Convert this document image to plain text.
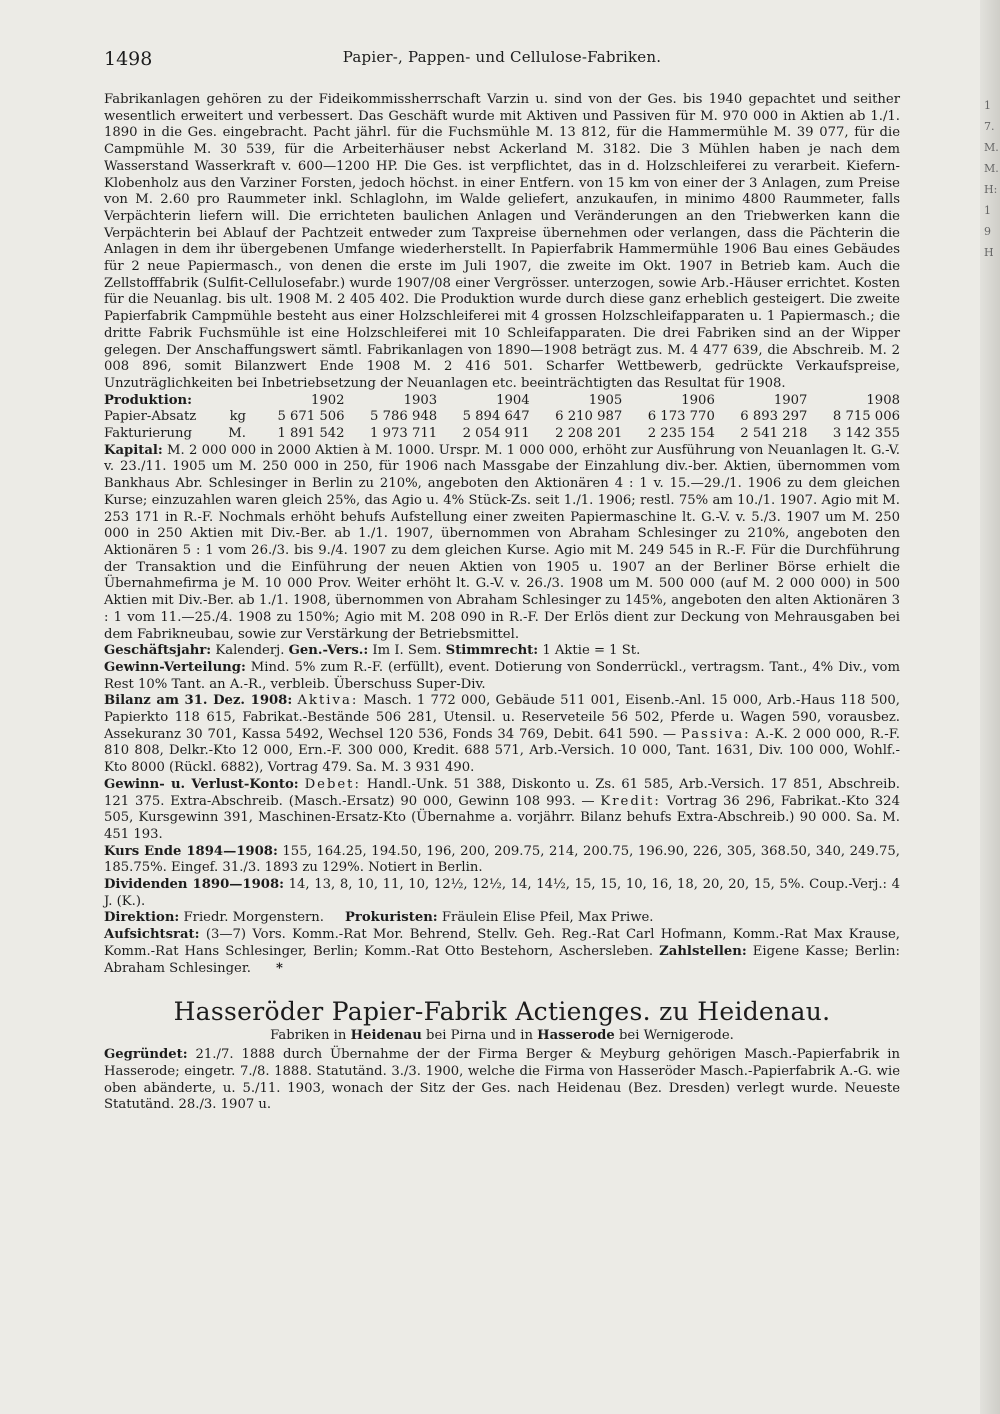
17. M. M. H: 19 H
1498	Papier-, Pappen- und Cellulose-Fabriken.

Fabrikanlagen gehören zu der Fideikommissherrschaft Varzin u. sind von der Ges. bis 1940 gepachtet und seither wesentlich erweitert und verbessert. Das Geschäft wurde mit Aktiven und Passiven für M. 970 000 in Aktien ab 1./1. 1890 in die Ges. eingebracht. Pacht jährl. für die Fuchsmühle M. 13 812, für die Hammermühle M. 39 077, für die Campmühle M. 30 539, für die Arbeiterhäuser nebst Ackerland M. 3182. Die 3 Mühlen haben je nach dem Wasserstand Wasserkraft v. 600—1200 HP. Die Ges. ist verpflichtet, das in d. Holzschleiferei zu verarbeit. Kiefern-Klobenholz aus den Varziner Forsten, jedoch höchst. in einer Entfern. von 15 km von einer der 3 Anlagen, zum Preise von M. 2.60 pro Raummeter inkl. Schlaglohn, im Walde geliefert, anzukaufen, in minimo 4800 Raummeter, falls Verpächterin liefern will. Die errichteten baulichen Anlagen und Veränderungen an den Triebwerken kann die Verpächterin bei Ablauf der Pachtzeit entweder zum Taxpreise übernehmen oder verlangen, dass die Pächterin die Anlagen in dem ihr übergebenen Umfange wiederherstellt. In Papierfabrik Hammermühle 1906 Bau eines Gebäudes für 2 neue Papiermasch., von denen die erste im Juli 1907, die zweite im Okt. 1907 in Betrieb kam. Auch die Zellstofffabrik (Sulfit-Cellulosefabr.) wurde 1907/08 einer Vergrösser. unterzogen, sowie Arb.-Häuser errichtet. Kosten für die Neuanlag. bis ult. 1908 M. 2 405 402. Die Produktion wurde durch diese ganz erheblich gesteigert. Die zweite Papierfabrik Campmühle besteht aus einer Holzschleiferei mit 4 grossen Holzschleifapparaten u. 1 Papiermasch.; die dritte Fabrik Fuchsmühle ist eine Holzschleiferei mit 10 Schleifapparaten. Die drei Fabriken sind an der Wipper gelegen. Der Anschaffungswert sämtl. Fabrikanlagen von 1890—1908 beträgt zus. M. 4 477 639, die Abschreib. M. 2 008 896, somit Bilanzwert Ende 1908 M. 2 416 501. Scharfer Wettbewerb, gedrückte Verkaufspreise, Unzuträglichkeiten bei Inbetriebsetzung der Neuanlagen etc. beeinträchtigten das Resultat für 1908.

Produktion:	1902	1903	1904	1905	1906	1907	1908
Papier-Absatz	kg	5 671 506	5 786 948	5 894 647	6 210 987	6 173 770	6 893 297	8 715 006
Fakturierung	M.	1 891 542	1 973 711	2 054 911	2 208 201	2 235 154	2 541 218	3 142 355

Kapital: M. 2 000 000 in 2000 Aktien à M. 1000. Urspr. M. 1 000 000, erhöht zur Ausführung von Neuanlagen lt. G.-V. v. 23./11. 1905 um M. 250 000 in 250, für 1906 nach Massgabe der Einzahlung div.-ber. Aktien, übernommen vom Bankhaus Abr. Schlesinger in Berlin zu 210%, angeboten den Aktionären 4 : 1 v. 15.—29./1. 1906 zu dem gleichen Kurse; einzuzahlen waren gleich 25%, das Agio u. 4% Stück-Zs. seit 1./1. 1906; restl. 75% am 10./1. 1907. Agio mit M. 253 171 in R.-F. Nochmals erhöht behufs Aufstellung einer zweiten Papiermaschine lt. G.-V. v. 5./3. 1907 um M. 250 000 in 250 Aktien mit Div.-Ber. ab 1./1. 1907, übernommen von Abraham Schlesinger zu 210%, angeboten den Aktionären 5 : 1 vom 26./3. bis 9./4. 1907 zu dem gleichen Kurse. Agio mit M. 249 545 in R.-F. Für die Durchführung der Transaktion und die Einführung der neuen Aktien von 1905 u. 1907 an der Berliner Börse erhielt die Übernahmefirma je M. 10 000 Prov. Weiter erhöht lt. G.-V. v. 26./3. 1908 um M. 500 000 (auf M. 2 000 000) in 500 Aktien mit Div.-Ber. ab 1./1. 1908, übernommen von Abraham Schlesinger zu 145%, angeboten den alten Aktionären 3 : 1 vom 11.—25./4. 1908 zu 150%; Agio mit M. 208 090 in R.-F. Der Erlös dient zur Deckung von Mehrausgaben bei dem Fabrikneubau, sowie zur Verstärkung der Betriebsmittel.

Geschäftsjahr: Kalenderj. Gen.-Vers.: Im I. Sem. Stimmrecht: 1 Aktie = 1 St.

Gewinn-Verteilung: Mind. 5% zum R.-F. (erfüllt), event. Dotierung von Sonderrückl., vertragsm. Tant., 4% Div., vom Rest 10% Tant. an A.-R., verbleib. Überschuss Super-Div.

Bilanz am 31. Dez. 1908: Aktiva: Masch. 1 772 000, Gebäude 511 001, Eisenb.-Anl. 15 000, Arb.-Haus 118 500, Papierkto 118 615, Fabrikat.-Bestände 506 281, Utensil. u. Reserveteile 56 502, Pferde u. Wagen 590, vorausbez. Assekuranz 30 701, Kassa 5492, Wechsel 120 536, Fonds 34 769, Debit. 641 590. — Passiva: A.-K. 2 000 000, R.-F. 810 808, Delkr.-Kto 12 000, Ern.-F. 300 000, Kredit. 688 571, Arb.-Versich. 10 000, Tant. 1631, Div. 100 000, Wohlf.-Kto 8000 (Rückl. 6882), Vortrag 479. Sa. M. 3 931 490.

Gewinn- u. Verlust-Konto: Debet: Handl.-Unk. 51 388, Diskonto u. Zs. 61 585, Arb.-Versich. 17 851, Abschreib. 121 375. Extra-Abschreib. (Masch.-Ersatz) 90 000, Gewinn 108 993. — Kredit: Vortrag 36 296, Fabrikat.-Kto 324 505, Kursgewinn 391, Maschinen-Ersatz-Kto (Übernahme a. vorjährr. Bilanz behufs Extra-Abschreib.) 90 000. Sa. M. 451 193.

Kurs Ende 1894—1908: 155, 164.25, 194.50, 196, 200, 209.75, 214, 200.75, 196.90, 226, 305, 368.50, 340, 249.75, 185.75%. Eingef. 31./3. 1893 zu 129%. Notiert in Berlin.

Dividenden 1890—1908: 14, 13, 8, 10, 11, 10, 12½, 12½, 14, 14½, 15, 15, 10, 16, 18, 20, 20, 15, 5%. Coup.-Verj.: 4 J. (K.).

Direktion: Friedr. Morgenstern. Prokuristen: Fräulein Elise Pfeil, Max Priwe.

Aufsichtsrat: (3—7) Vors. Komm.-Rat Mor. Behrend, Stellv. Geh. Reg.-Rat Carl Hofmann, Komm.-Rat Max Krause, Komm.-Rat Hans Schlesinger, Berlin; Komm.-Rat Otto Bestehorn, Aschersleben. Zahlstellen: Eigene Kasse; Berlin: Abraham Schlesinger. *

Hasseröder Papier-Fabrik Actienges. zu Heidenau.
Fabriken in Heidenau bei Pirna und in Hasserode bei Wernigerode.

Gegründet: 21./7. 1888 durch Übernahme der der Firma Berger & Meyburg gehörigen Masch.-Papierfabrik in Hasserode; eingetr. 7./8. 1888. Statutänd. 3./3. 1900, welche die Firma von Hasseröder Masch.-Papierfabrik A.-G. wie oben abänderte, u. 5./11. 1903, wonach der Sitz der Ges. nach Heidenau (Bez. Dresden) verlegt wurde. Neueste Statutänd. 28./3. 1907 u.
